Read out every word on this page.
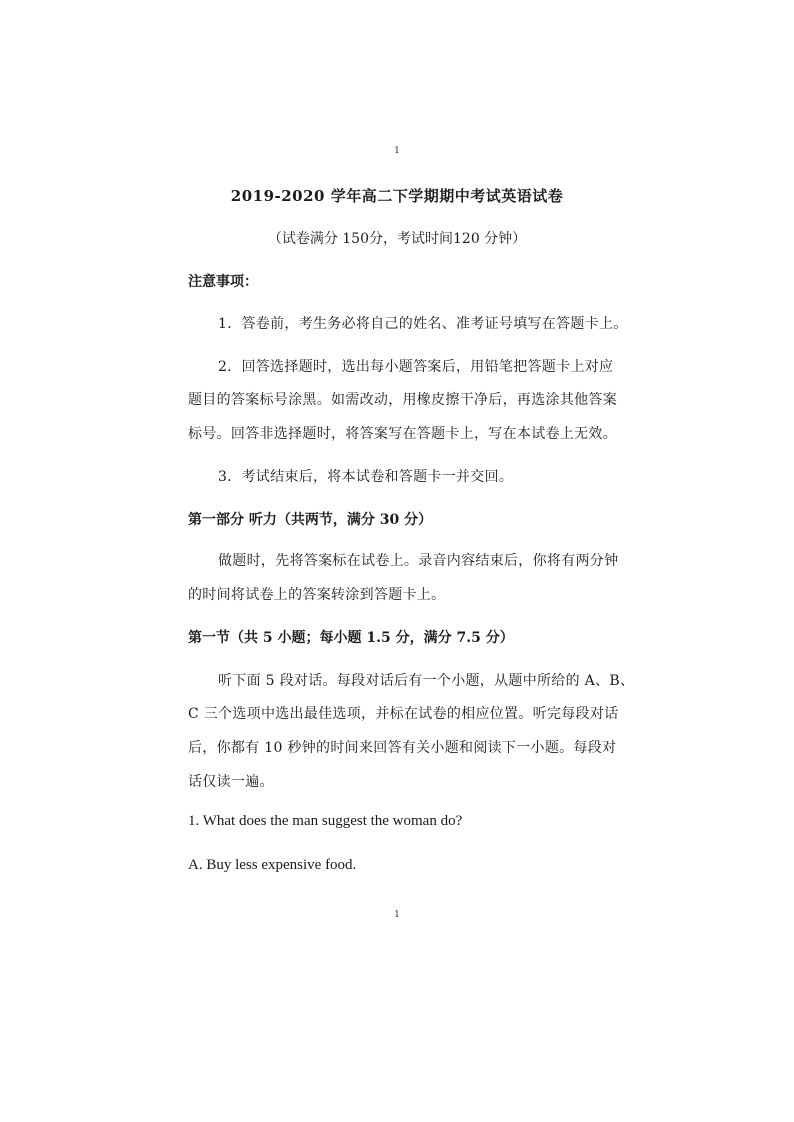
1

2019-2020 学年高二下学期期中考试英语试卷

（试卷满分 150分，考试时间120 分钟）

注意事项：

1．答卷前，考生务必将自己的姓名、准考证号填写在答题卡上。

2．回答选择题时，选出每小题答案后，用铅笔把答题卡上对应

题目的答案标号涂黑。如需改动，用橡皮擦干净后，再选涂其他答案

标号。回答非选择题时，将答案写在答题卡上，写在本试卷上无效。

3．考试结束后，将本试卷和答题卡一并交回。

第一部分 听力（共两节，满分 30 分）

做题时，先将答案标在试卷上。录音内容结束后，你将有两分钟

的时间将试卷上的答案转涂到答题卡上。

第一节（共 5 小题；每小题 1.5 分，满分 7.5 分）

听下面 5 段对话。每段对话后有一个小题，从题中所给的 A、B、

C 三个选项中选出最佳选项，并标在试卷的相应位置。听完每段对话

后，你都有 10 秒钟的时间来回答有关小题和阅读下一小题。每段对

话仅读一遍。

1. What does the man suggest the woman do?

A. Buy less expensive food.

1
